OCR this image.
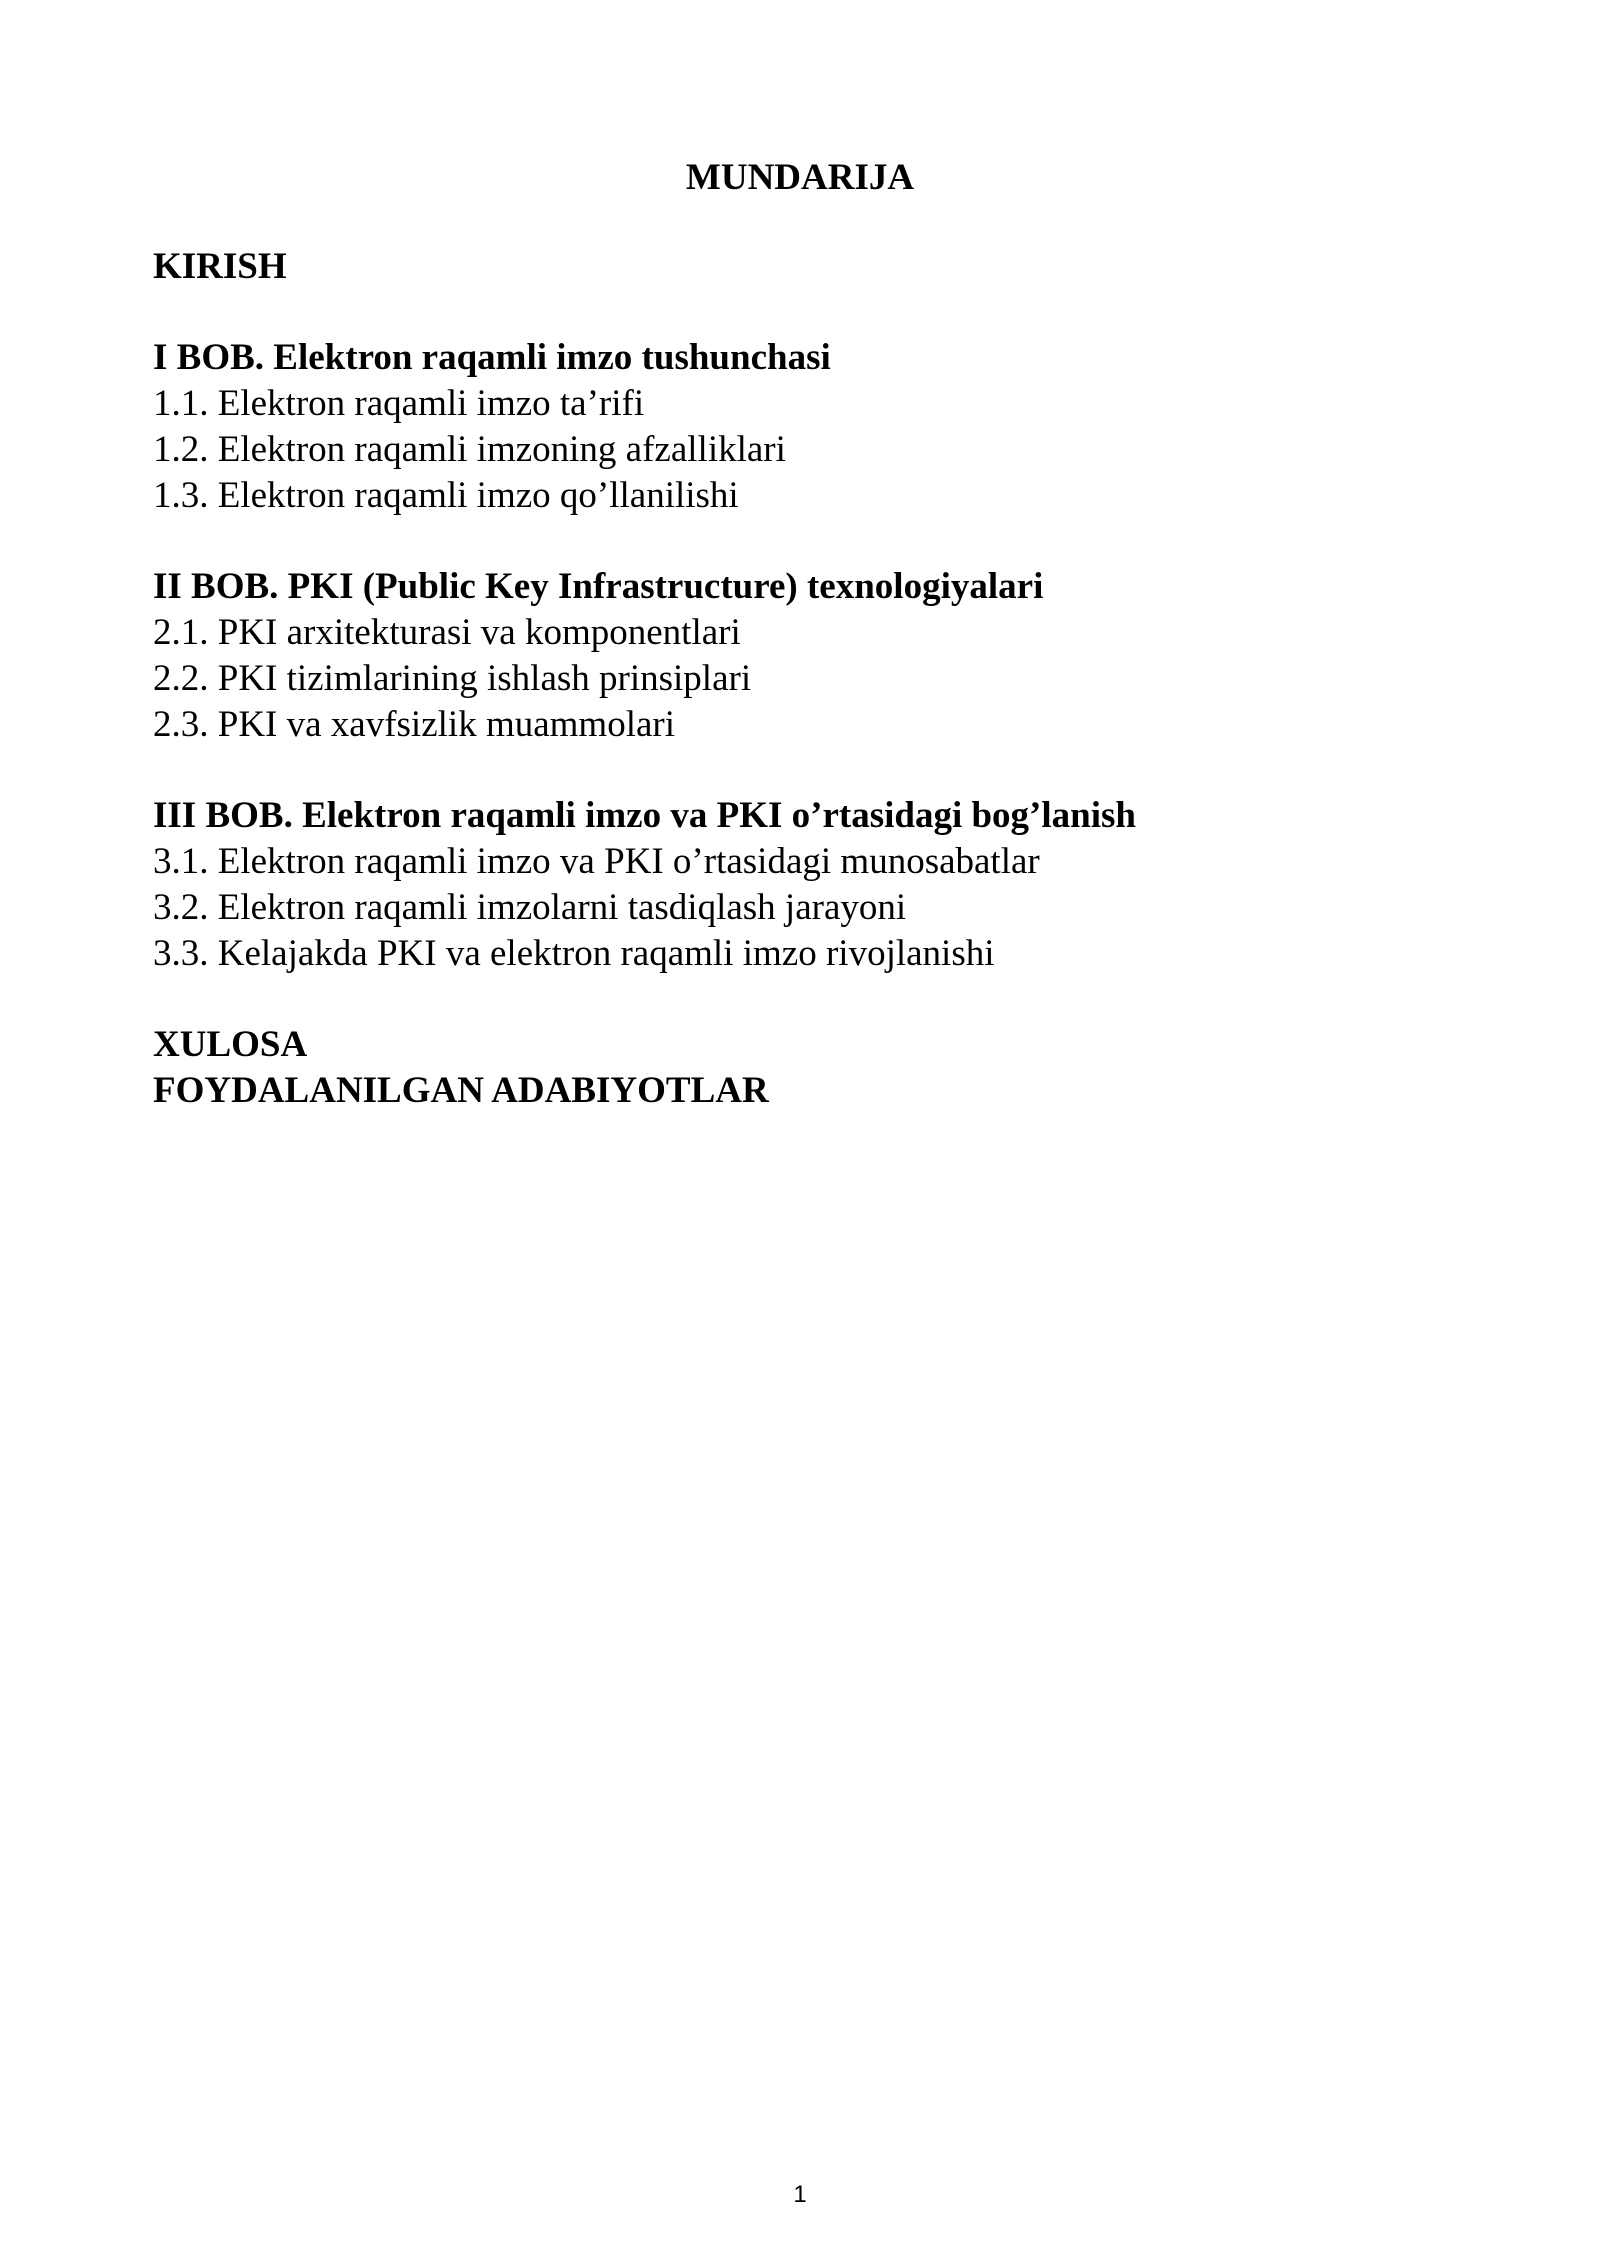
MUNDARIJA
KIRISH
I BOB. Elektron raqamli imzo tushunchasi
1.1. Elektron raqamli imzo ta’rifi
1.2. Elektron raqamli imzoning afzalliklari
1.3. Elektron raqamli imzo qo’llanilishi
II BOB. PKI (Public Key Infrastructure) texnologiyalari
2.1. PKI arxitekturasi va komponentlari
2.2. PKI tizimlarining ishlash prinsiplari
2.3. PKI va xavfsizlik muammolari
III BOB. Elektron raqamli imzo va PKI o’rtasidagi bog’lanish
3.1. Elektron raqamli imzo va PKI o’rtasidagi munosabatlar
3.2. Elektron raqamli imzolarni tasdiqlash jarayoni
3.3. Kelajakda PKI va elektron raqamli imzo rivojlanishi
XULOSA
FOYDALANILGAN ADABIYOTLAR
1
